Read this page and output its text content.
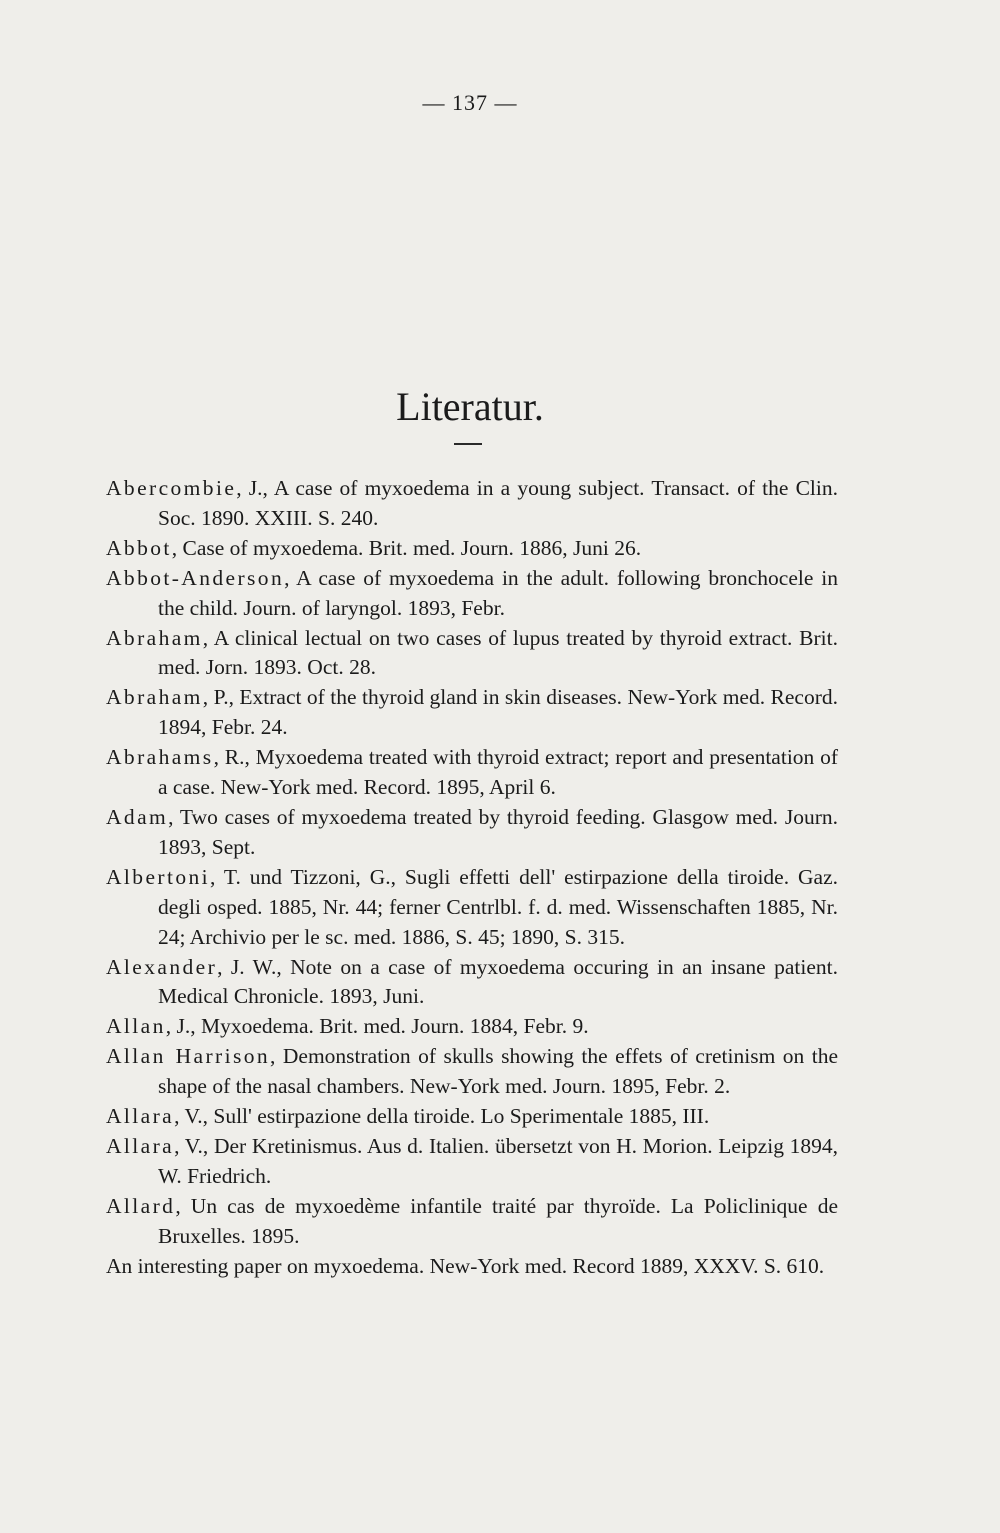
— 137 —
Literatur.
Abercombie, J., A case of myxoedema in a young subject. Transact. of the Clin. Soc. 1890. XXIII. S. 240.
Abbot, Case of myxoedema. Brit. med. Journ. 1886, Juni 26.
Abbot-Anderson, A case of myxoedema in the adult. following bronchocele in the child. Journ. of laryngol. 1893, Febr.
Abraham, A clinical lectual on two cases of lupus treated by thyroid extract. Brit. med. Jorn. 1893. Oct. 28.
Abraham, P., Extract of the thyroid gland in skin diseases. New-York med. Record. 1894, Febr. 24.
Abrahams, R., Myxoedema treated with thyroid extract; report and presentation of a case. New-York med. Record. 1895, April 6.
Adam, Two cases of myxoedema treated by thyroid feeding. Glasgow med. Journ. 1893, Sept.
Albertoni, T. und Tizzoni, G., Sugli effetti dell' estirpazione della tiroide. Gaz. degli osped. 1885, Nr. 44; ferner Centrlbl. f. d. med. Wissenschaften 1885, Nr. 24; Archivio per le sc. med. 1886, S. 45; 1890, S. 315.
Alexander, J. W., Note on a case of myxoedema occuring in an insane patient. Medical Chronicle. 1893, Juni.
Allan, J., Myxoedema. Brit. med. Journ. 1884, Febr. 9.
Allan Harrison, Demonstration of skulls showing the effets of cretinism on the shape of the nasal chambers. New-York med. Journ. 1895, Febr. 2.
Allara, V., Sull' estirpazione della tiroide. Lo Sperimentale 1885, III.
Allara, V., Der Kretinismus. Aus d. Italien. übersetzt von H. Morion. Leipzig 1894, W. Friedrich.
Allard, Un cas de myxoedème infantile traité par thyroïde. La Policlinique de Bruxelles. 1895.
An interesting paper on myxoedema. New-York med. Record 1889, XXXV. S. 610.
